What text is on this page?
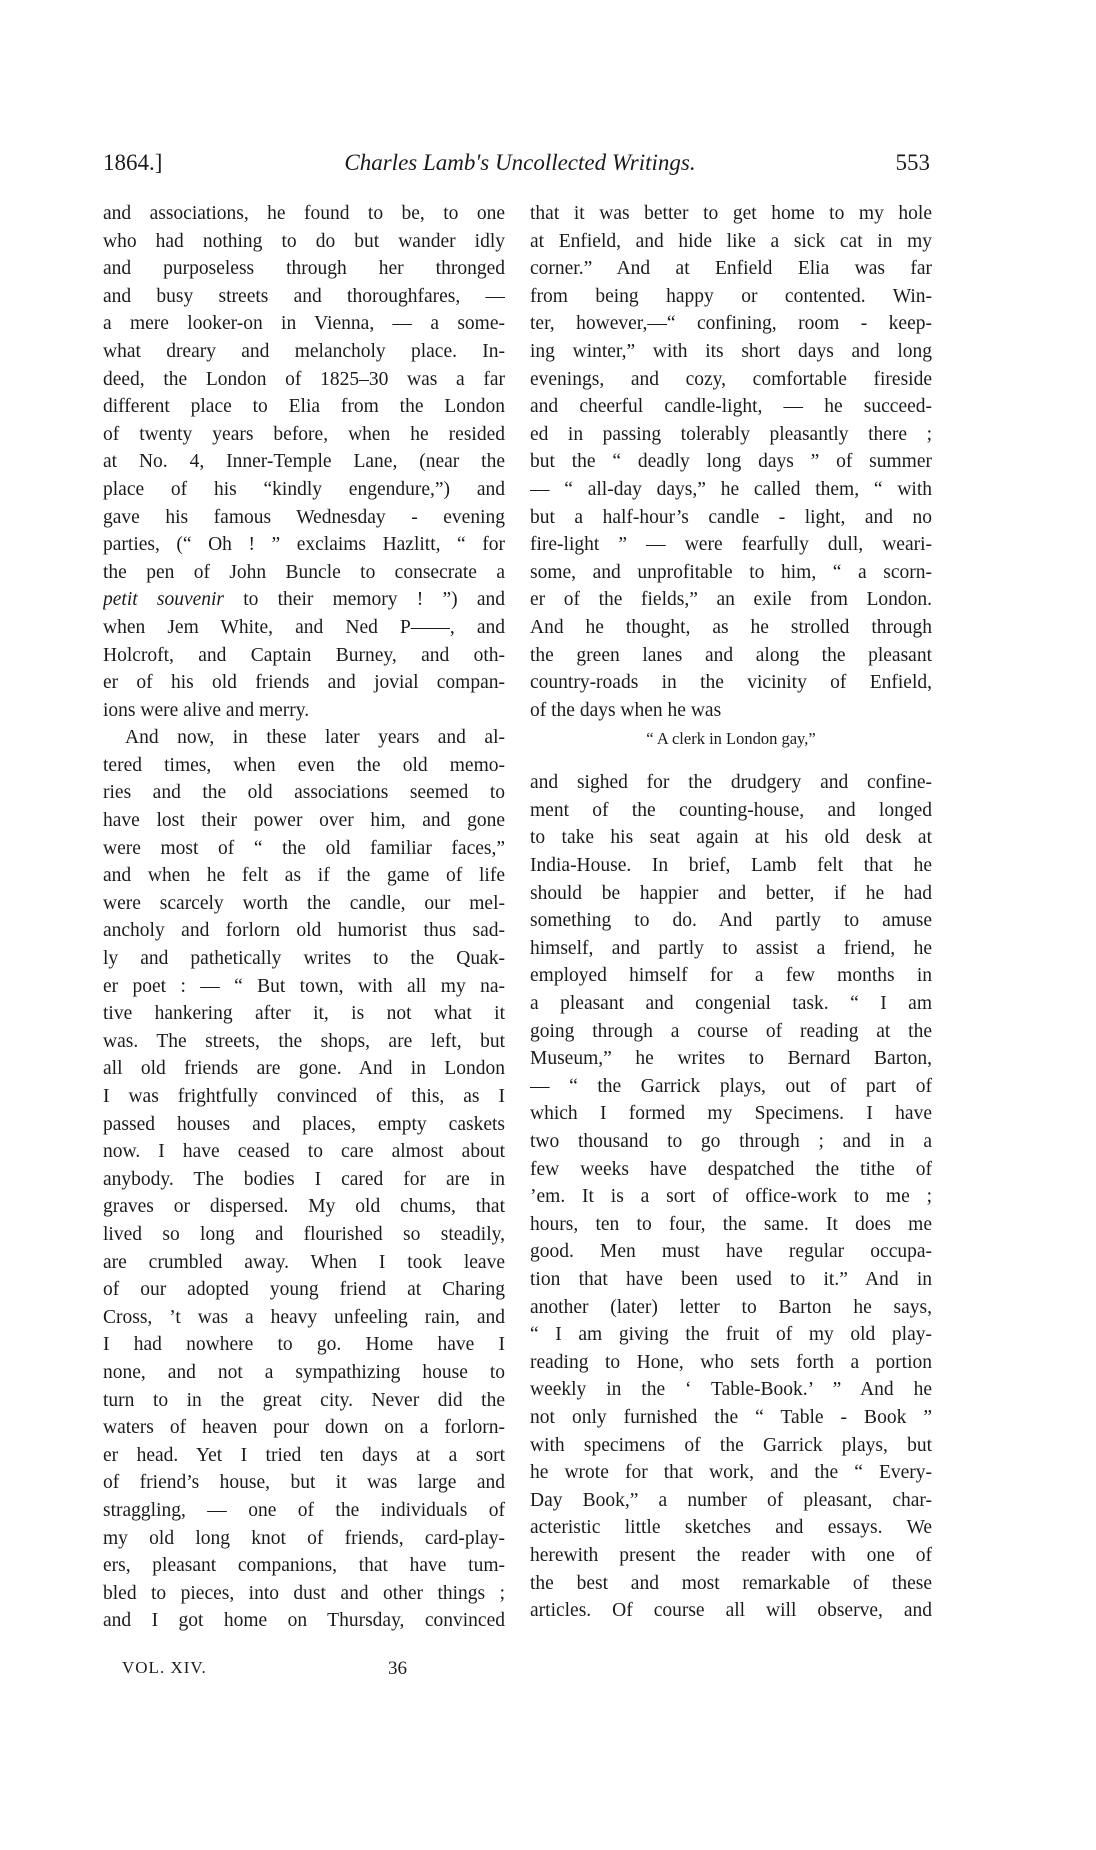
1864.]	Charles Lamb's Uncollected Writings.	553
and associations, he found to be, to one
who had nothing to do but wander idly
and purposeless through her thronged
and busy streets and thoroughfares, —
a mere looker-on in Vienna, — a some-
what dreary and melancholy place. In-
deed, the London of 1825–30 was a far
different place to Elia from the London
of twenty years before, when he resided
at No. 4, Inner-Temple Lane, (near the
place of his “kindly engendure,”) and
gave his famous Wednesday - evening
parties, (“ Oh ! ” exclaims Hazlitt, “ for
the pen of John Buncle to consecrate a
petit souvenir to their memory ! ”) and
when Jem White, and Ned P——, and
Holcroft, and Captain Burney, and oth-
er of his old friends and jovial compan-
ions were alive and merry.
And now, in these later years and al-
tered times, when even the old memo-
ries and the old associations seemed to
have lost their power over him, and gone
were most of “ the old familiar faces,”
and when he felt as if the game of life
were scarcely worth the candle, our mel-
ancholy and forlorn old humorist thus sad-
ly and pathetically writes to the Quak-
er poet : — “ But town, with all my na-
tive hankering after it, is not what it
was. The streets, the shops, are left, but
all old friends are gone. And in London
I was frightfully convinced of this, as I
passed houses and places, empty caskets
now. I have ceased to care almost about
anybody. The bodies I cared for are in
graves or dispersed. My old chums, that
lived so long and flourished so steadily,
are crumbled away. When I took leave
of our adopted young friend at Charing
Cross, ’t was a heavy unfeeling rain, and
I had nowhere to go. Home have I
none, and not a sympathizing house to
turn to in the great city. Never did the
waters of heaven pour down on a forlorn-
er head. Yet I tried ten days at a sort
of friend’s house, but it was large and
straggling, — one of the individuals of
my old long knot of friends, card-play-
ers, pleasant companions, that have tum-
bled to pieces, into dust and other things ;
and I got home on Thursday, convinced
that it was better to get home to my hole
at Enfield, and hide like a sick cat in my
corner.” And at Enfield Elia was far
from being happy or contented. Win-
ter, however,—“ confining, room - keep-
ing winter,” with its short days and long
evenings, and cozy, comfortable fireside
and cheerful candle-light, — he succeed-
ed in passing tolerably pleasantly there ;
but the “ deadly long days ” of summer
— “ all-day days,” he called them, “ with
but a half-hour’s candle - light, and no
fire-light ” — were fearfully dull, weari-
some, and unprofitable to him, “ a scorn-
er of the fields,” an exile from London.
And he thought, as he strolled through
the green lanes and along the pleasant
country-roads in the vicinity of Enfield,
of the days when he was
“ A clerk in London gay,”
and sighed for the drudgery and confine-
ment of the counting-house, and longed
to take his seat again at his old desk at
India-House. In brief, Lamb felt that he
should be happier and better, if he had
something to do. And partly to amuse
himself, and partly to assist a friend, he
employed himself for a few months in
a pleasant and congenial task. “ I am
going through a course of reading at the
Museum,” he writes to Bernard Barton,
— “ the Garrick plays, out of part of
which I formed my Specimens. I have
two thousand to go through ; and in a
few weeks have despatched the tithe of
’em. It is a sort of office-work to me ;
hours, ten to four, the same. It does me
good. Men must have regular occupa-
tion that have been used to it.” And in
another (later) letter to Barton he says,
“ I am giving the fruit of my old play-
reading to Hone, who sets forth a portion
weekly in the ‘ Table-Book.’ ” And he
not only furnished the “ Table - Book ”
with specimens of the Garrick plays, but
he wrote for that work, and the “ Every-
Day Book,” a number of pleasant, char-
acteristic little sketches and essays. We
herewith present the reader with one of
the best and most remarkable of these
articles. Of course all will observe, and
VOL. XIV.	36
